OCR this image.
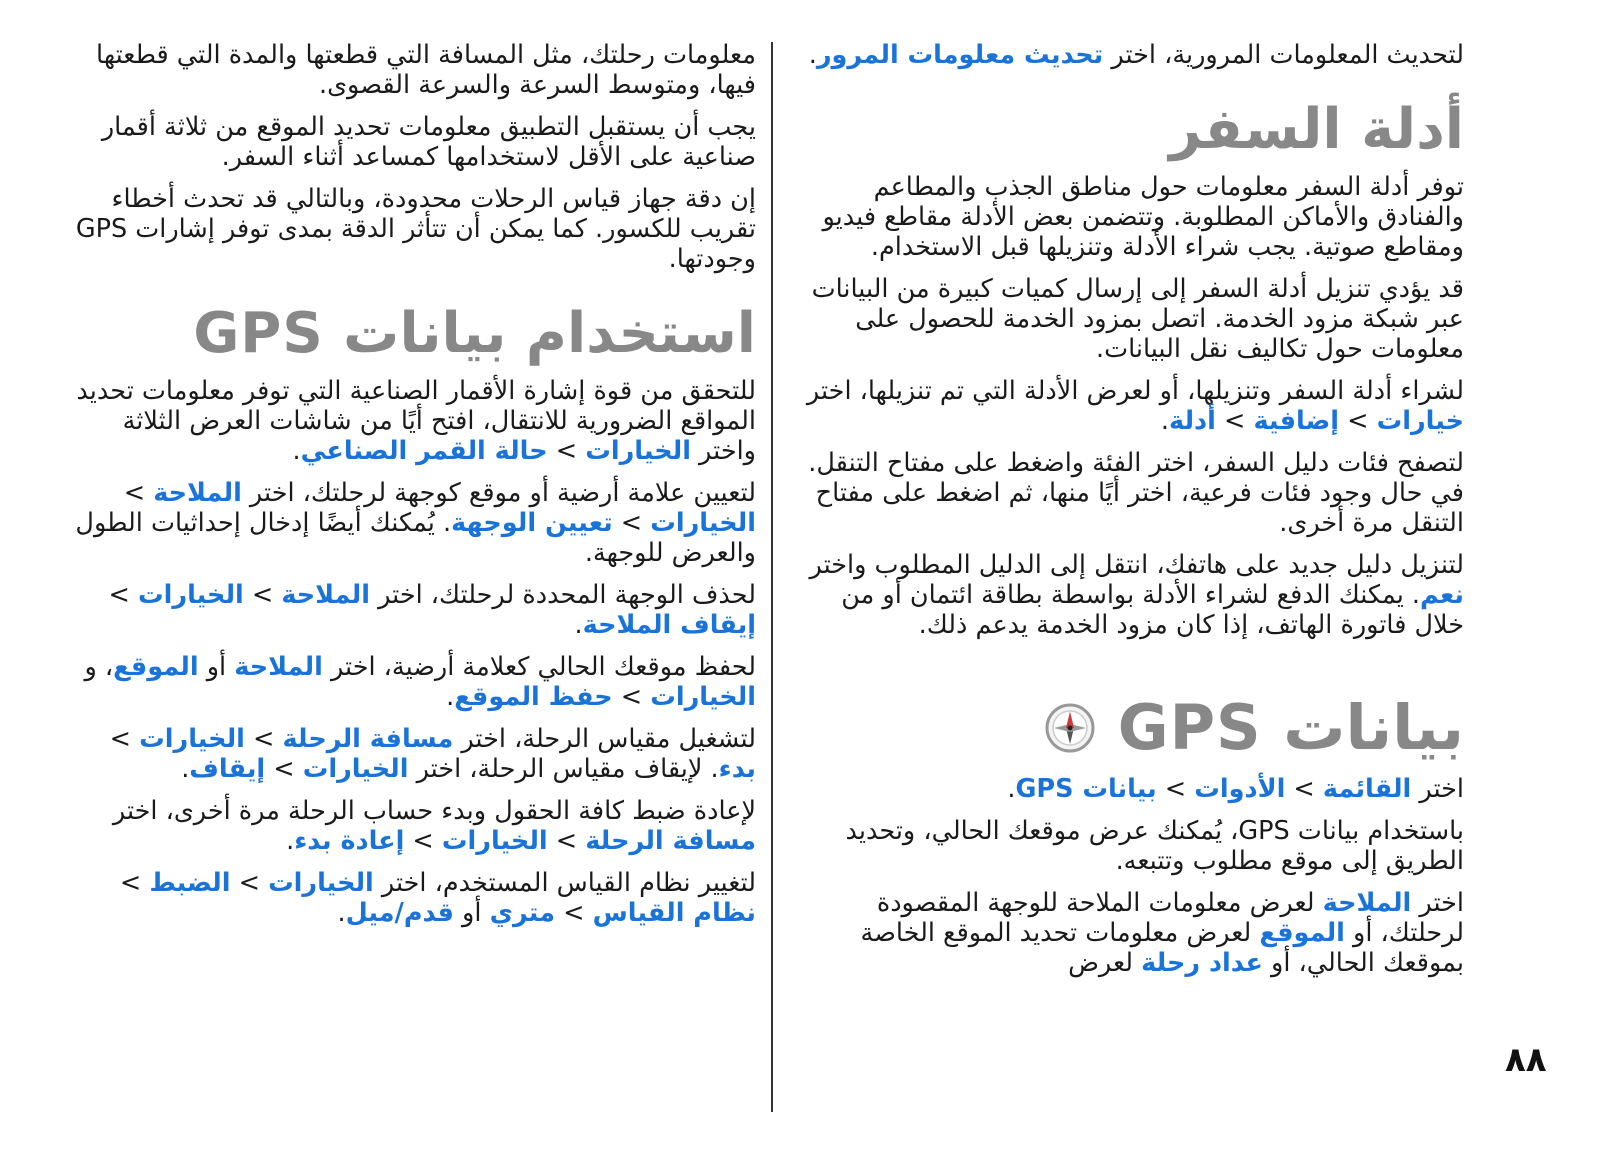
لتحديث المعلومات المرورية، اختر تحديث معلومات المرور.

أدلة السفر

توفر أدلة السفر معلومات حول مناطق الجذب والمطاعم والفنادق والأماكن المطلوبة. وتتضمن بعض الأدلة مقاطع فيديو ومقاطع صوتية. يجب شراء الأدلة وتنزيلها قبل الاستخدام.

قد يؤدي تنزيل أدلة السفر إلى إرسال كميات كبيرة من البيانات عبر شبكة مزود الخدمة. اتصل بمزود الخدمة للحصول على معلومات حول تكاليف نقل البيانات.

لشراء أدلة السفر وتنزيلها، أو لعرض الأدلة التي تم تنزيلها، اختر خيارات > إضافية > أدلة.

لتصفح فئات دليل السفر، اختر الفئة واضغط على مفتاح التنقل. في حال وجود فئات فرعية، اختر أيًا منها، ثم اضغط على مفتاح التنقل مرة أخرى.

لتنزيل دليل جديد على هاتفك، انتقل إلى الدليل المطلوب واختر نعم. يمكنك الدفع لشراء الأدلة بواسطة بطاقة ائتمان أو من خلال فاتورة الهاتف، إذا كان مزود الخدمة يدعم ذلك.

بيانات GPS

اختر القائمة > الأدوات > بيانات GPS.

باستخدام بيانات GPS، يُمكنك عرض موقعك الحالي، وتحديد الطريق إلى موقع مطلوب وتتبعه.

اختر الملاحة لعرض معلومات الملاحة للوجهة المقصودة لرحلتك، أو الموقع لعرض معلومات تحديد الموقع الخاصة بموقعك الحالي، أو عداد رحلة لعرض

معلومات رحلتك، مثل المسافة التي قطعتها والمدة التي قطعتها فيها، ومتوسط السرعة والسرعة القصوى.

يجب أن يستقبل التطبيق معلومات تحديد الموقع من ثلاثة أقمار صناعية على الأقل لاستخدامها كمساعد أثناء السفر.

إن دقة جهاز قياس الرحلات محدودة، وبالتالي قد تحدث أخطاء تقريب للكسور. كما يمكن أن تتأثر الدقة بمدى توفر إشارات GPS وجودتها.

استخدام بيانات GPS

للتحقق من قوة إشارة الأقمار الصناعية التي توفر معلومات تحديد المواقع الضرورية للانتقال، افتح أيًا من شاشات العرض الثلاثة واختر الخيارات > حالة القمر الصناعي.

لتعيين علامة أرضية أو موقع كوجهة لرحلتك، اختر الملاحة > الخيارات > تعيين الوجهة. يُمكنك أيضًا إدخال إحداثيات الطول والعرض للوجهة.

لحذف الوجهة المحددة لرحلتك، اختر الملاحة > الخيارات > إيقاف الملاحة.

لحفظ موقعك الحالي كعلامة أرضية، اختر الملاحة أو الموقع، و الخيارات > حفظ الموقع.

لتشغيل مقياس الرحلة، اختر مسافة الرحلة > الخيارات > بدء. لإيقاف مقياس الرحلة، اختر الخيارات > إيقاف.

لإعادة ضبط كافة الحقول وبدء حساب الرحلة مرة أخرى، اختر مسافة الرحلة > الخيارات > إعادة بدء.

لتغيير نظام القياس المستخدم، اختر الخيارات > الضبط > نظام القياس > متري أو قدم/ميل.

٨٨
